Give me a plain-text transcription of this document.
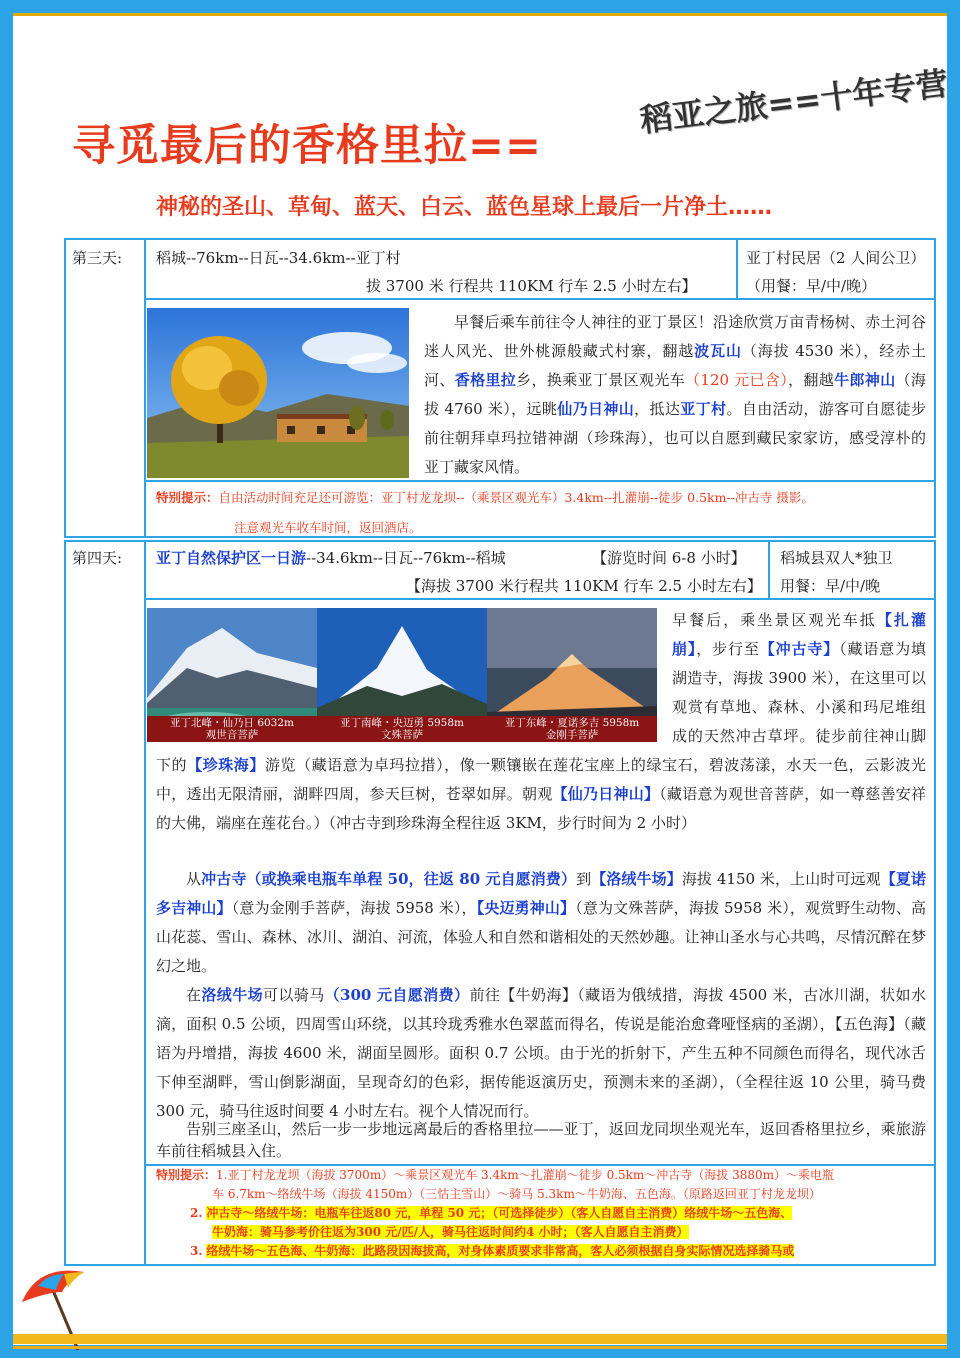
寻觅最后的香格里拉==
稻亚之旅==十年专营
神秘的圣山、草甸、蓝天、白云、蓝色星球上最后一片净土……
第三天: 稻城--76km--日瓦--34.6km--亚丁村
拔 3700 米 行程共 110KM 行车 2.5 小时左右】
亚丁村民居（2 人间公卫）（用餐：早/中/晚）
早餐后乘车前往令人神往的亚丁景区！沿途欣赏万亩青杨树、赤土河谷迷人风光、世外桃源般藏式村寨，翻越波瓦山（海拔 4530 米），经赤土河、香格里拉乡，换乘亚丁景区观光车（120 元已含），翻越牛郎神山（海拔 4760 米），远眺仙乃日神山，抵达亚丁村。自由活动，游客可自愿徒步前往朝拜卓玛拉错神湖（珍珠海），也可以自愿到藏民家家访，感受淳朴的亚丁藏家风情。
特别提示：自由活动时间充足还可游览：亚丁村龙龙坝--（乘景区观光车）3.4km--扎灌崩--徒步 0.5km--冲古寺 摄影。
注意观光车收车时间，返回酒店。
第四天: 亚丁自然保护区一日游--34.6km--日瓦--76km--稻城	【游览时间 6-8 小时】
【海拔 3700 米行程共 110KM 行车 2.5 小时左右】
稻城县双人*独卫
用餐：早/中/晚
亚丁北峰・仙乃日 6032m
观世音菩萨
亚丁南峰・央迈勇 5958m
文殊菩萨
亚丁东峰・夏诺多吉 5958m
金刚手菩萨
早餐后，乘坐景区观光车抵【扎灌崩】，步行至【冲古寺】（藏语意为填湖造寺，海拔 3900 米），在这里可以观赏有草地、森林、小溪和玛尼堆组成的天然冲古草坪。徒步前往神山脚下的【珍珠海】游览（藏语意为卓玛拉措），像一颗镶嵌在莲花宝座上的绿宝石，碧波荡漾，水天一色，云影波光中，透出无限清丽，湖畔四周，参天巨树，苍翠如屏。朝观【仙乃日神山】（藏语意为观世音菩萨，如一尊慈善安祥的大佛，端座在莲花台。）（冲古寺到珍珠海全程往返 3KM，步行时间为 2 小时）
从冲古寺（或换乘电瓶车单程 50，往返 80 元自愿消费）到【洛绒牛场】海拔 4150 米，上山时可远观【夏诺多吉神山】（意为金刚手菩萨，海拔 5958 米），【央迈勇神山】（意为文殊菩萨，海拔 5958 米），观赏野生动物、高山花蕊、雪山、森林、冰川、湖泊、河流，体验人和自然和谐相处的天然妙趣。让神山圣水与心共鸣，尽情沉醉在梦幻之地。
在洛绒牛场可以骑马（300 元自愿消费）前往【牛奶海】（藏语为俄绒措，海拔 4500 米，古冰川湖，状如水滴，面积 0.5 公顷，四周雪山环绕，以其玲珑秀雅水色翠蓝而得名，传说是能治愈聋哑怪病的圣湖），【五色海】（藏语为丹增措，海拔 4600 米，湖面呈圆形。面积 0.7 公顷。由于光的折射下，产生五种不同颜色而得名，现代冰舌下伸至湖畔，雪山倒影湖面，呈现奇幻的色彩，据传能返演历史，预测未来的圣湖），（全程往返 10 公里，骑马费 300 元，骑马往返时间要 4 小时左右。视个人情况而行。
告别三座圣山，然后一步一步地远离最后的香格里拉——亚丁，返回龙同坝坐观光车，返回香格里拉乡，乘旅游车前往稻城县入住。
特别提示：1.亚丁村龙龙坝（海拔 3700m）～乘景区观光车 3.4km～扎灌崩～徒步 0.5km～冲古寺（海拔 3880m）～乘电瓶
车 6.7km～络绒牛场（海拔 4150m）（三怙主雪山）～骑马 5.3km～牛奶海、五色海。（原路返回亚丁村龙龙坝）
2. 冲古寺～络绒牛场：电瓶车往返80 元，单程 50 元；（可选择徒步）（客人自愿自主消费）络绒牛场～五色海、
牛奶海：骑马参考价往返为300 元/匹/人，骑马往返时间约4 小时；（客人自愿自主消费）
3. 络绒牛场～五色海、牛奶海：此路段因海拔高，对身体素质要求非常高，客人必须根据自身实际情况选择骑马或
